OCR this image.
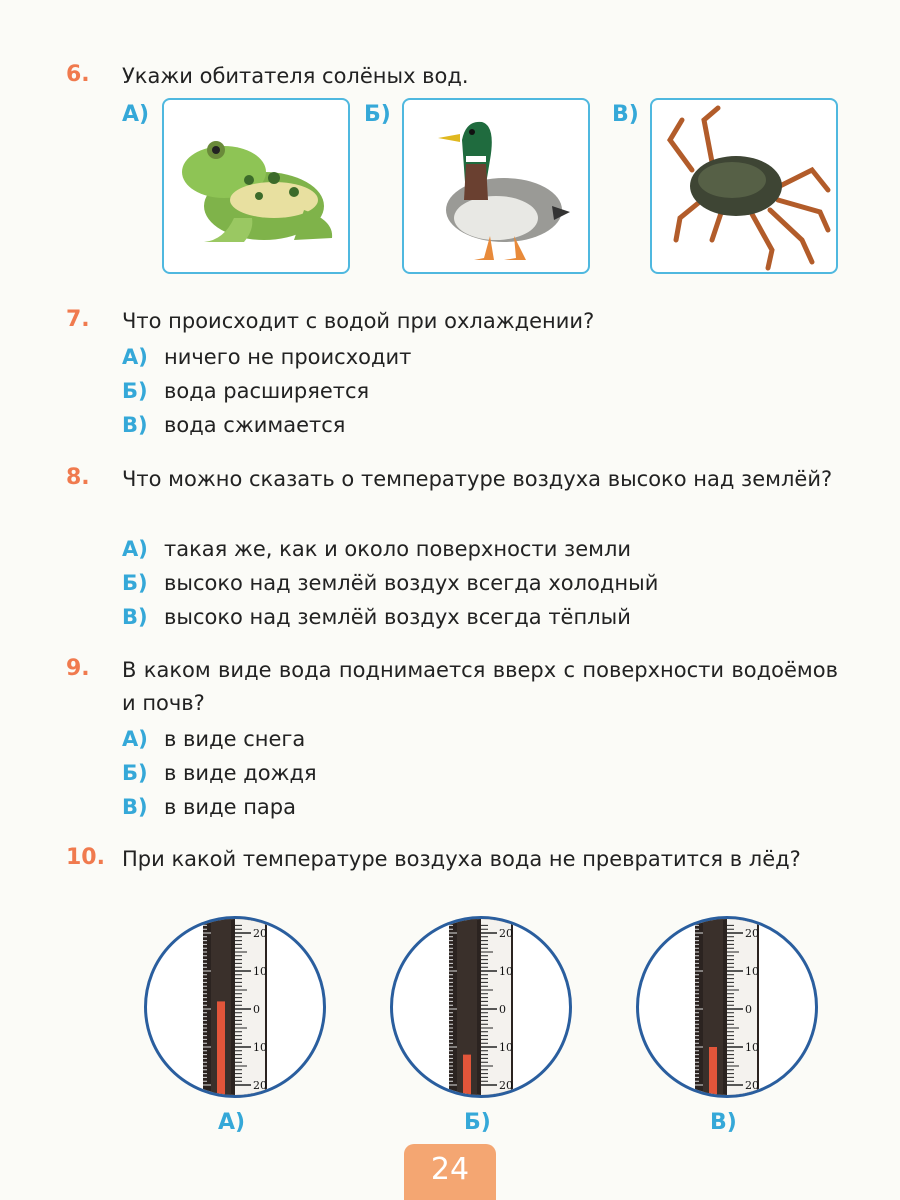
6. Укажи обитателя солёных вод.
А)	Б)	В)
7. Что происходит с водой при охлаждении?
А) ничего не происходит
Б) вода расширяется
В) вода сжимается
8. Что можно сказать о температуре воздуха высоко над землёй?
А) такая же, как и около поверхности земли
Б) высоко над землёй воздух всегда холодный
В) высоко над землёй воздух всегда тёплый
9. В каком виде вода поднимается вверх с поверхности водоёмов и почв?
А) в виде снега
Б) в виде дождя
В) в виде пара
10. При какой температуре воздуха вода не превратится в лёд?
20
10
0
10
20
А)
20
10
0
10
20
Б)
20
10
0
10
20
В)
24
